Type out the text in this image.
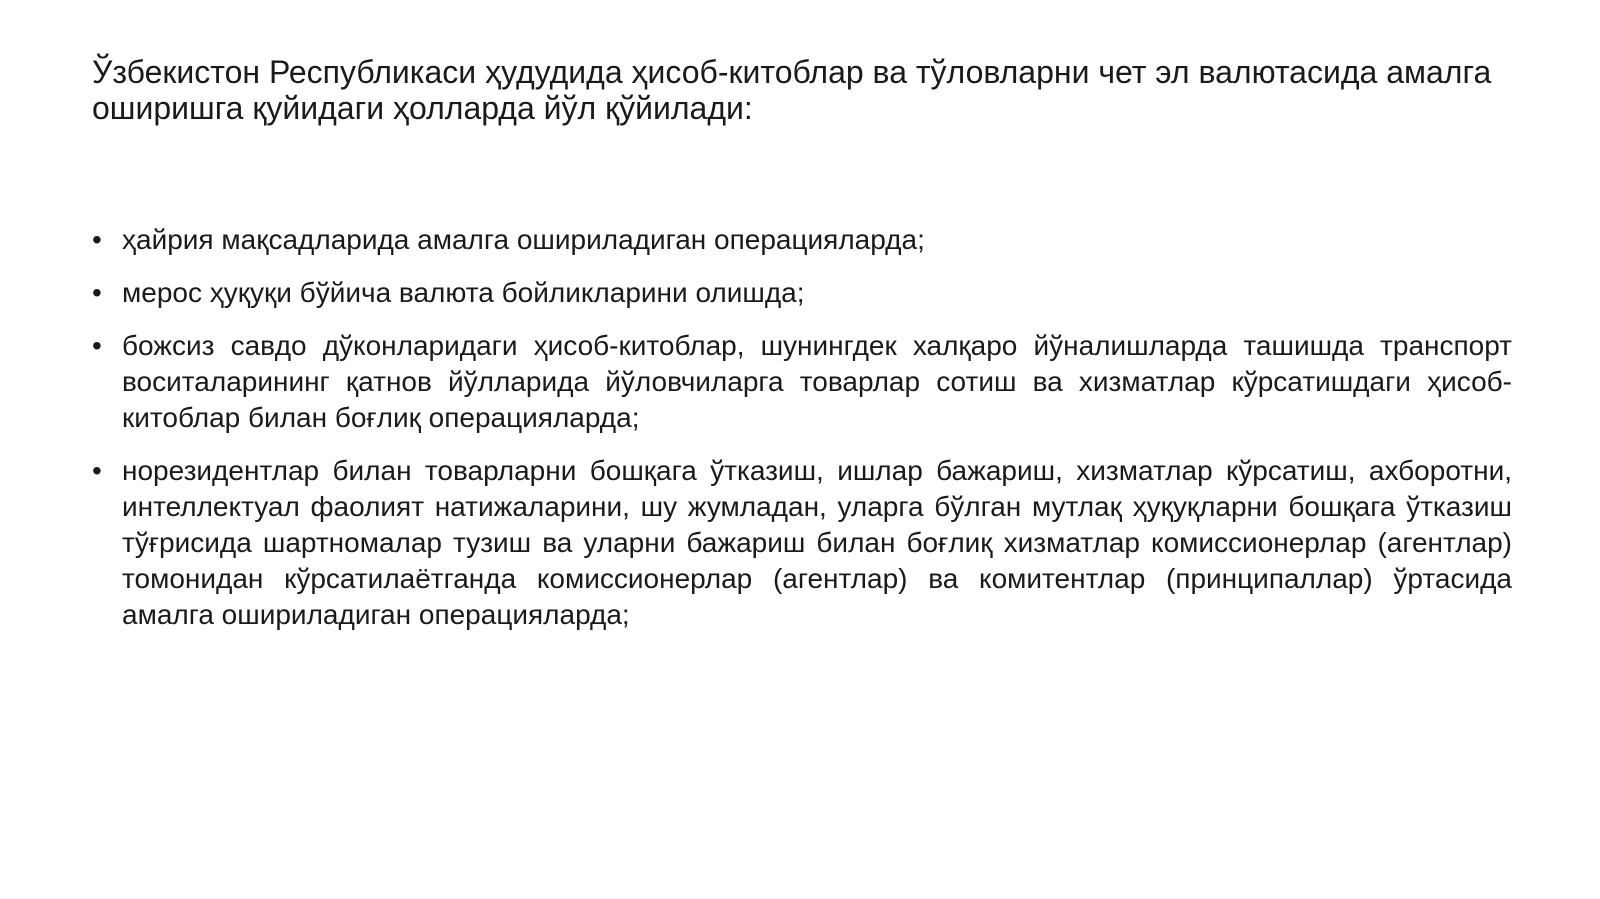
Ўзбекистон Республикаси ҳудудида ҳисоб-китоблар ва тўловларни чет эл валютасида амалга оширишга қуйидаги ҳолларда йўл қўйилади:
• ҳайрия мақсадларида амалга ошириладиган операцияларда;
• мерос ҳуқуқи бўйича валюта бойликларини олишда;
• божсиз савдо дўконларидаги ҳисоб-китоблар, шунингдек халқаро йўналишларда ташишда транспорт воситаларининг қатнов йўлларида йўловчиларга товарлар сотиш ва хизматлар кўрсатишдаги ҳисоб-китоблар билан боғлиқ операцияларда;
• норезидентлар билан товарларни бошқага ўтказиш, ишлар бажариш, хизматлар кўрсатиш, ахборотни, интеллектуал фаолият натижаларини, шу жумладан, уларга бўлган мутлақ ҳуқуқларни бошқага ўтказиш тўғрисида шартномалар тузиш ва уларни бажариш билан боғлиқ хизматлар комиссионерлар (агентлар) томонидан кўрсатилаётганда комиссионерлар (агентлар) ва комитентлар (принципаллар) ўртасида амалга ошириладиган операцияларда;
